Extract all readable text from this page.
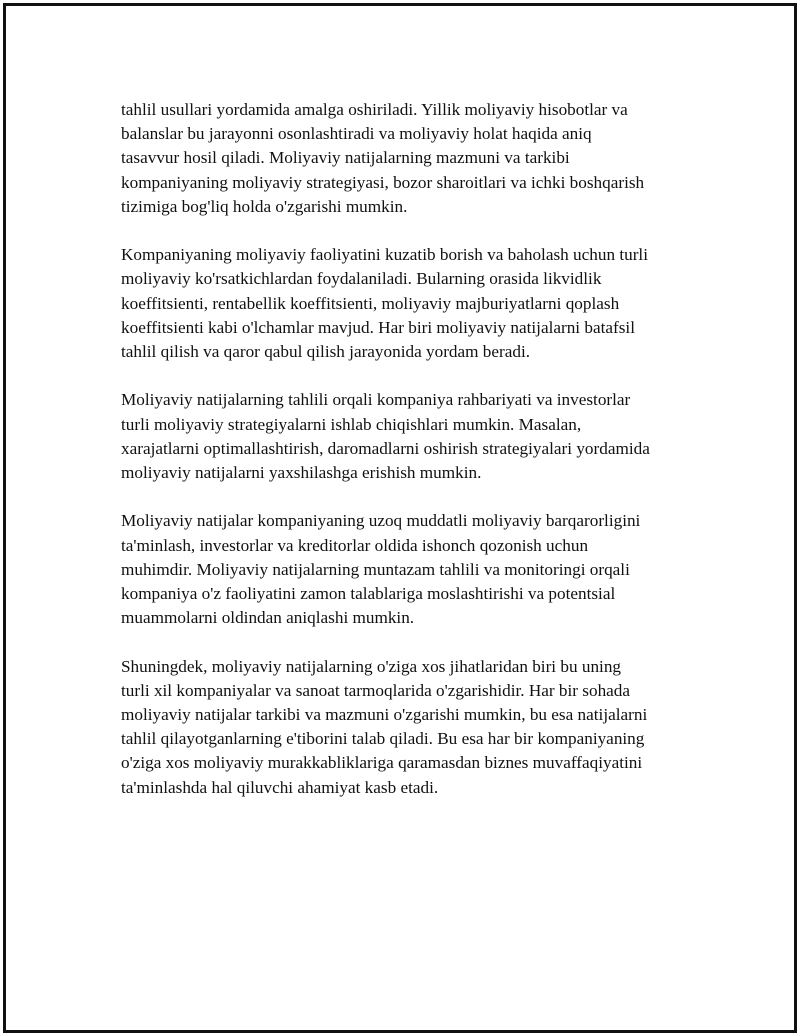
tahlil usullari yordamida amalga oshiriladi. Yillik moliyaviy hisobotlar va
balanslar bu jarayonni osonlashtiradi va moliyaviy holat haqida aniq
tasavvur hosil qiladi. Moliyaviy natijalarning mazmuni va tarkibi
kompaniyaning moliyaviy strategiyasi, bozor sharoitlari va ichki boshqarish
tizimiga bog'liq holda o'zgarishi mumkin.

Kompaniyaning moliyaviy faoliyatini kuzatib borish va baholash uchun turli
moliyaviy ko'rsatkichlardan foydalaniladi. Bularning orasida likvidlik
koeffitsienti, rentabellik koeffitsienti, moliyaviy majburiyatlarni qoplash
koeffitsienti kabi o'lchamlar mavjud. Har biri moliyaviy natijalarni batafsil
tahlil qilish va qaror qabul qilish jarayonida yordam beradi.

Moliyaviy natijalarning tahlili orqali kompaniya rahbariyati va investorlar
turli moliyaviy strategiyalarni ishlab chiqishlari mumkin. Masalan,
xarajatlarni optimallashtirish, daromadlarni oshirish strategiyalari yordamida
moliyaviy natijalarni yaxshilashga erishish mumkin.

Moliyaviy natijalar kompaniyaning uzoq muddatli moliyaviy barqarorligini
ta'minlash, investorlar va kreditorlar oldida ishonch qozonish uchun
muhimdir. Moliyaviy natijalarning muntazam tahlili va monitoringi orqali
kompaniya o'z faoliyatini zamon talablariga moslashtirishi va potentsial
muammolarni oldindan aniqlashi mumkin.

Shuningdek, moliyaviy natijalarning o'ziga xos jihatlaridan biri bu uning
turli xil kompaniyalar va sanoat tarmoqlarida o'zgarishidir. Har bir sohada
moliyaviy natijalar tarkibi va mazmuni o'zgarishi mumkin, bu esa natijalarni
tahlil qilayotganlarning e'tiborini talab qiladi. Bu esa har bir kompaniyaning
o'ziga xos moliyaviy murakkabliklariga qaramasdan biznes muvaffaqiyatini
ta'minlashda hal qiluvchi ahamiyat kasb etadi.
